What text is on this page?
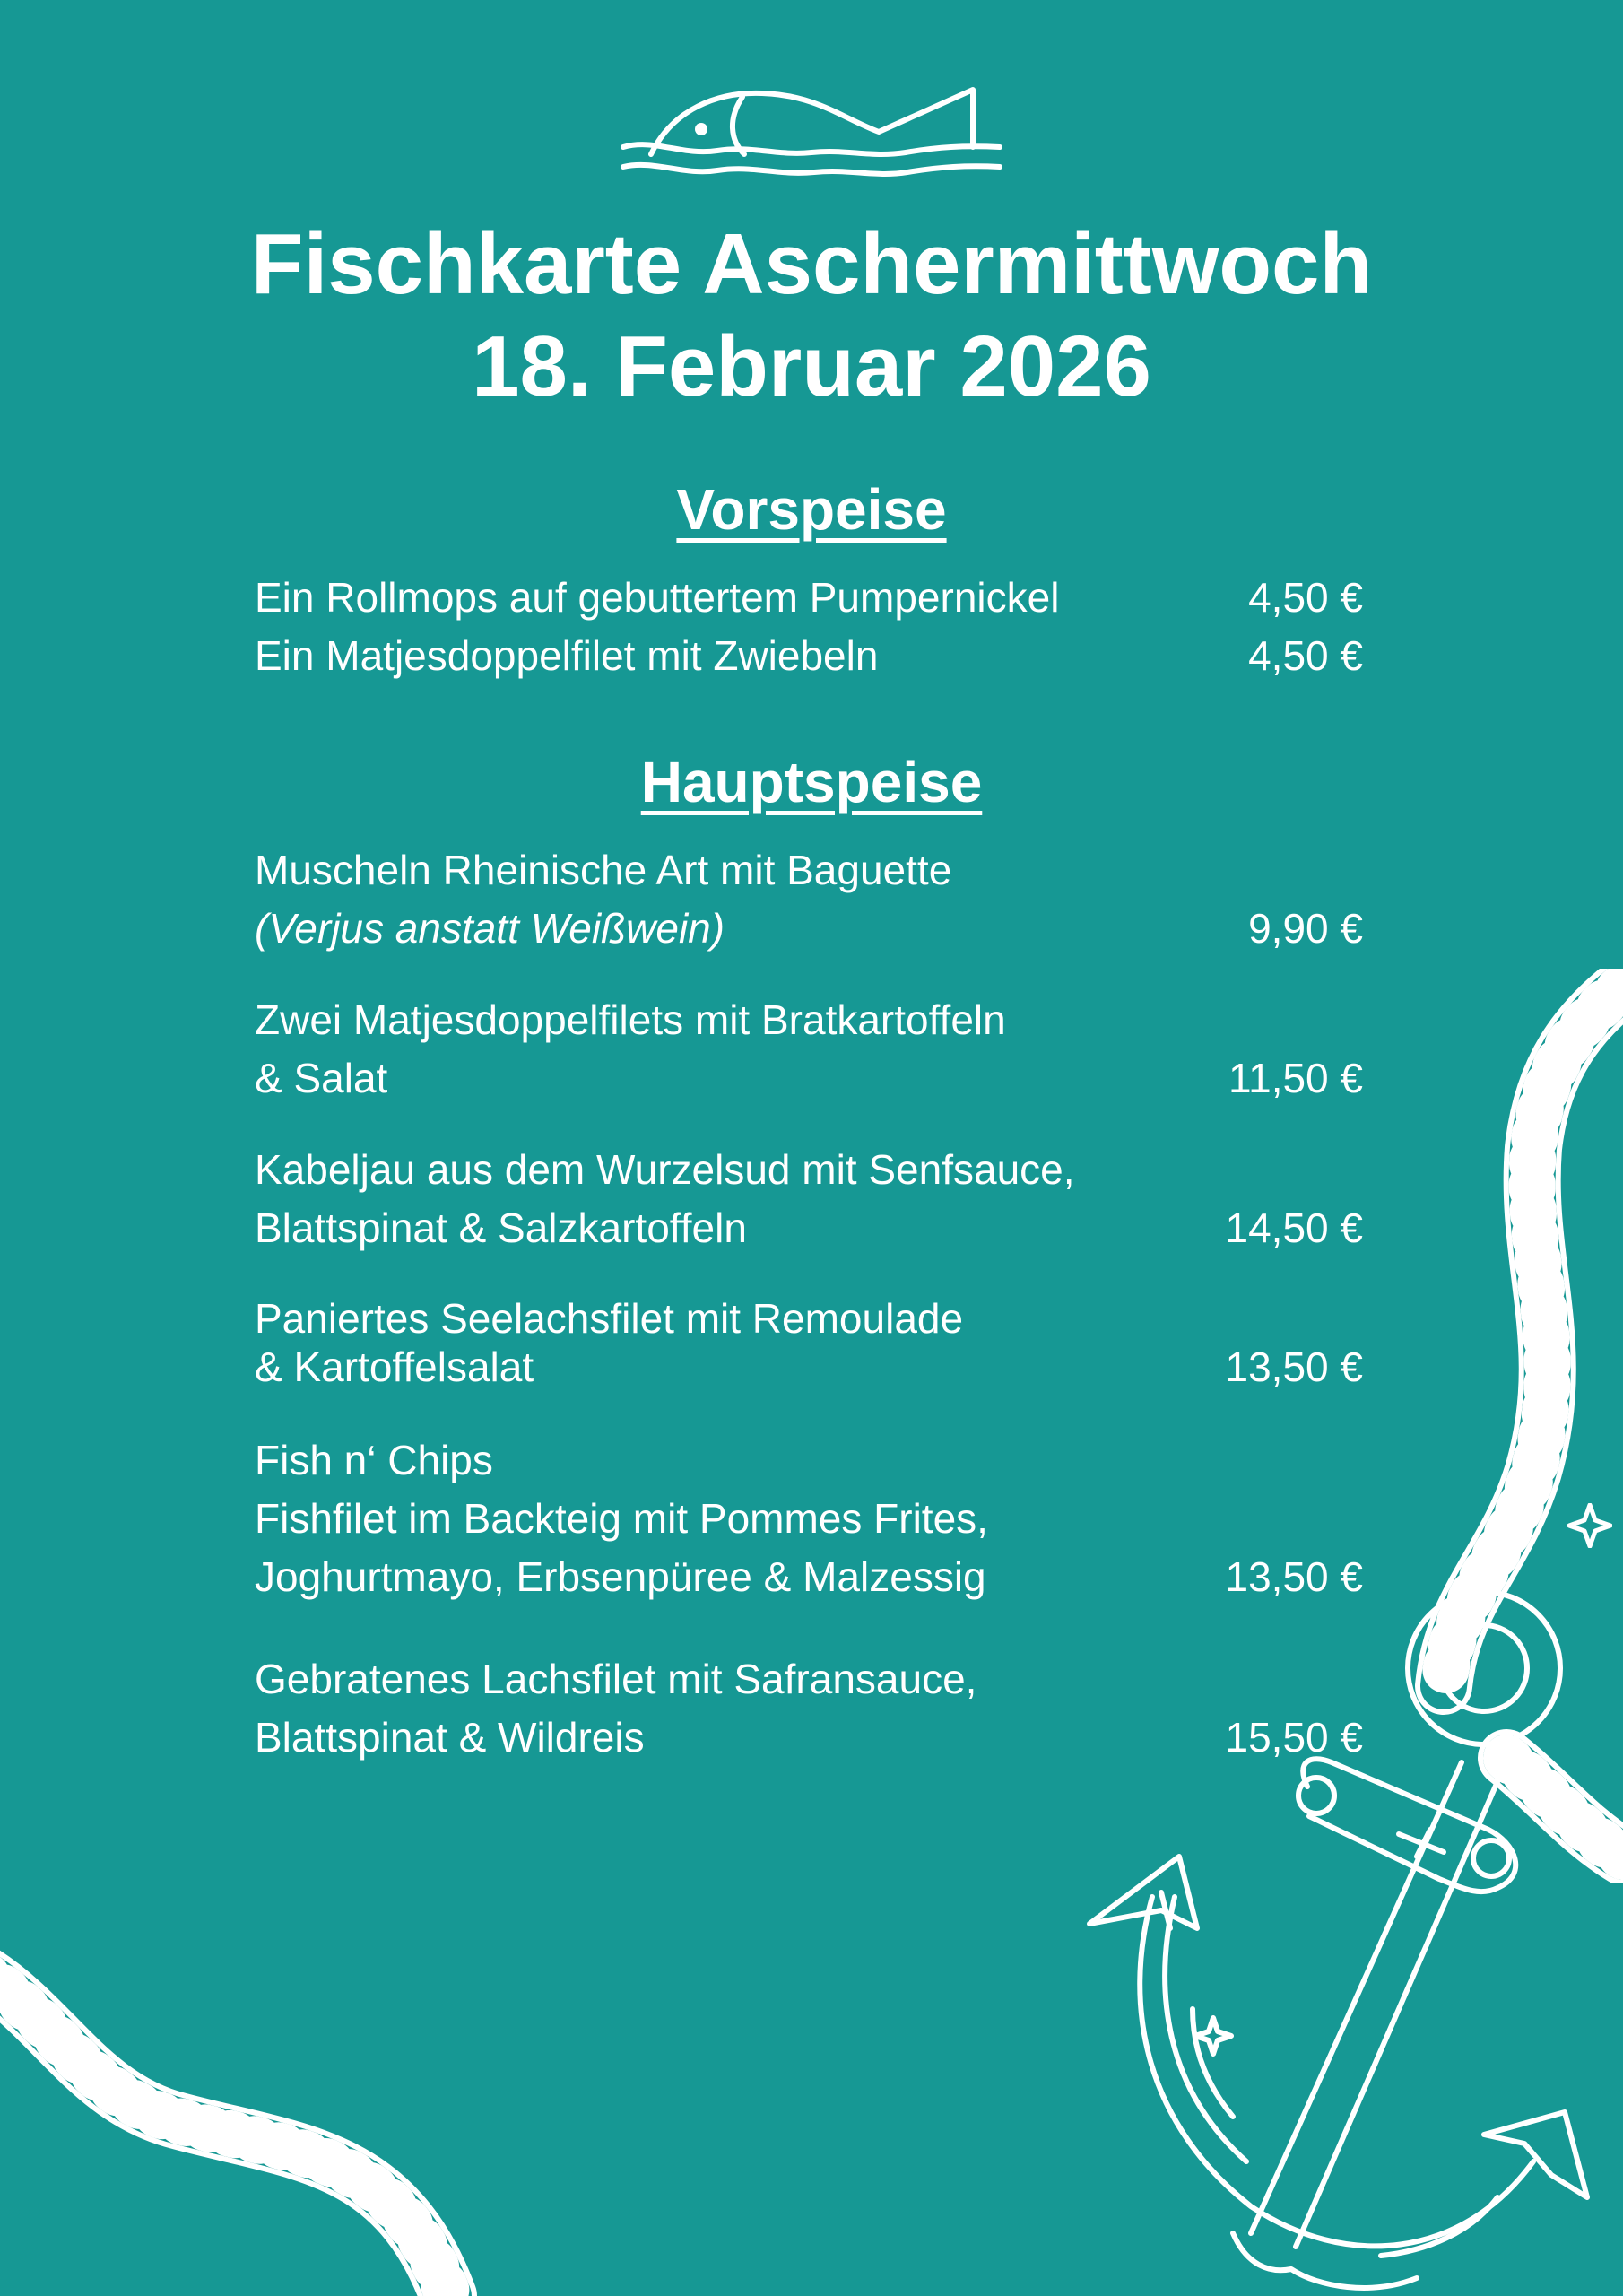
Fischkarte Aschermittwoch
18. Februar 2026
Vorspeise
Ein Rollmops auf gebuttertem Pumpernickel	4,50 €
Ein Matjesdoppelfilet mit Zwiebeln	4,50 €
Hauptspeise
Muscheln Rheinische Art mit Baguette
(Verjus anstatt Weißwein)	9,90 €
Zwei Matjesdoppelfilets mit Bratkartoffeln
& Salat	11,50 €
Kabeljau aus dem Wurzelsud mit Senfsauce,
Blattspinat & Salzkartoffeln	14,50 €
Paniertes Seelachsfilet mit Remoulade
& Kartoffelsalat	13,50 €
Fish n‘ Chips
Fishfilet im Backteig mit Pommes Frites,
Joghurtmayo, Erbsenpüree & Malzessig	13,50 €
Gebratenes Lachsfilet mit Safransauce,
Blattspinat & Wildreis	15,50 €
